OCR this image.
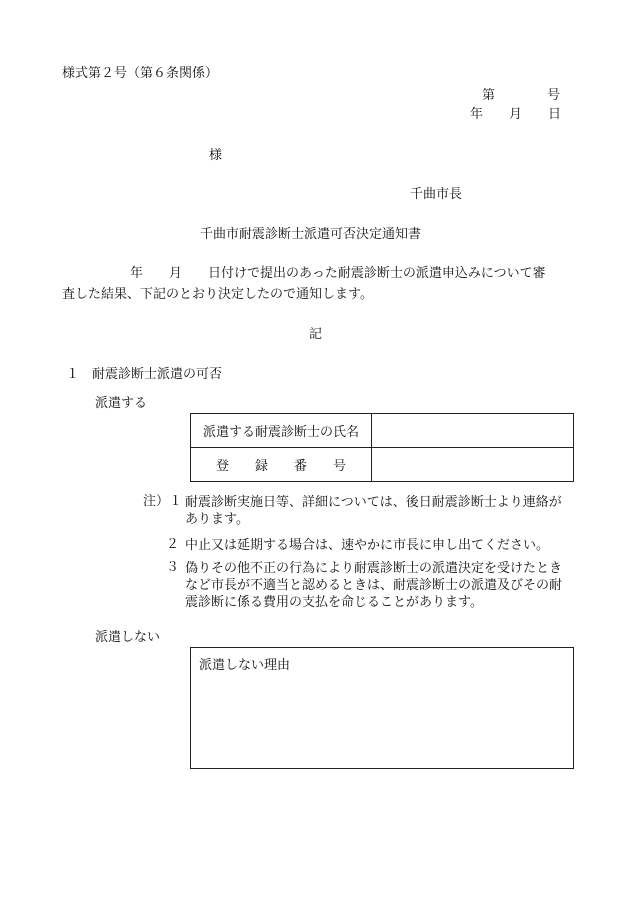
様式第２号（第６条関係）
第　　　　号
年　　月　　日
様
千曲市長
千曲市耐震診断士派遣可否決定通知書
年　　月　　日付けで提出のあった耐震診断士の派遣申込みについて審
査した結果、下記のとおり決定したので通知します。
記
１　耐震診断士派遣の可否
派遣する
派遣する耐震診断士の氏名	
登　　録　　番　　号	
注）１ 耐震診断実施日等、詳細については、後日耐震診断士より連絡があります。
２ 中止又は延期する場合は、速やかに市長に申し出てください。
３ 偽りその他不正の行為により耐震診断士の派遣決定を受けたときなど市長が不適当と認めるときは、耐震診断士の派遣及びその耐震診断に係る費用の支払を命じることがあります。
派遣しない
派遣しない理由
